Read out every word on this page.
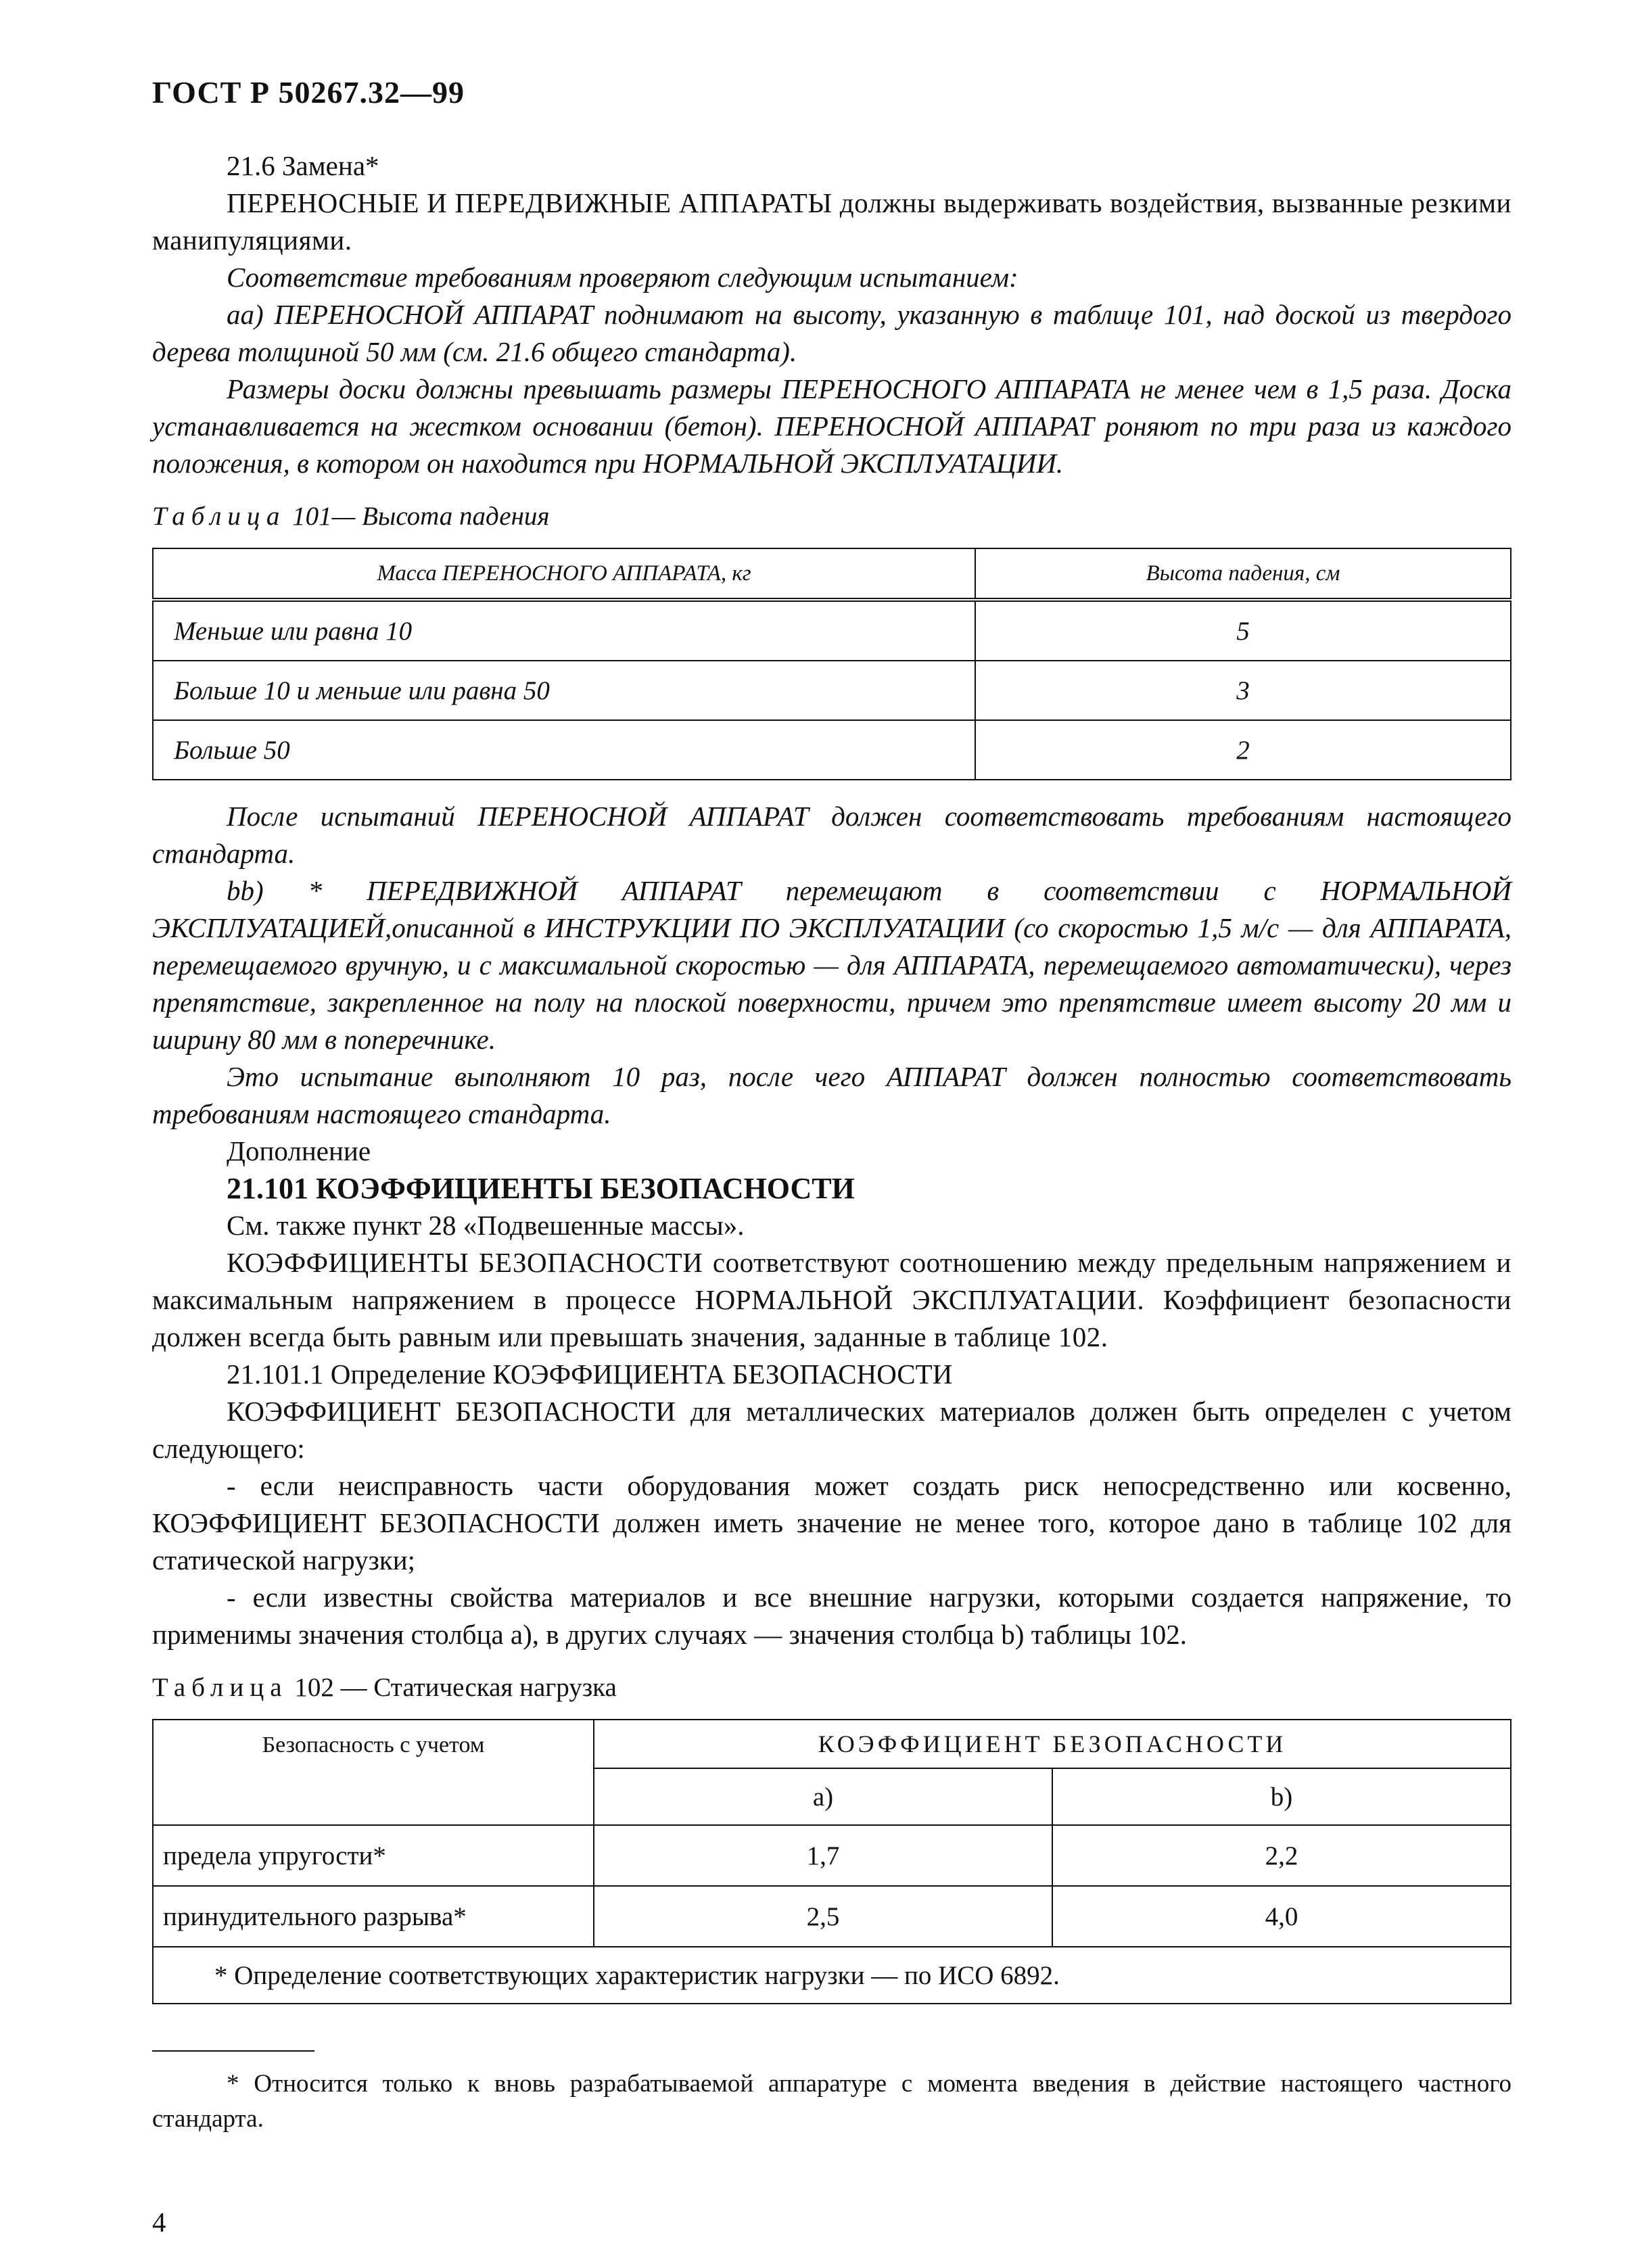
ГОСТ Р 50267.32—99

21.6 Замена*

ПЕРЕНОСНЫЕ И ПЕРЕДВИЖНЫЕ АППАРАТЫ должны выдерживать воздействия, вызванные резкими манипуляциями.

Соответствие требованиям проверяют следующим испытанием:

aa) ПЕРЕНОСНОЙ АППАРАТ поднимают на высоту, указанную в таблице 101, над доской из твердого дерева толщиной 50 мм (см. 21.6 общего стандарта).

Размеры доски должны превышать размеры ПЕРЕНОСНОГО АППАРАТА не менее чем в 1,5 раза. Доска устанавливается на жестком основании (бетон). ПЕРЕНОСНОЙ АППАРАТ роняют по три раза из каждого положения, в котором он находится при НОРМАЛЬНОЙ ЭКСПЛУАТАЦИИ.

Таблица 101— Высота падения
Масса ПЕРЕНОСНОГО АППАРАТА, кг	Высота падения, см
Меньше или равна 10	5
Больше 10 и меньше или равна 50	3
Больше 50	2

После испытаний ПЕРЕНОСНОЙ АППАРАТ должен соответствовать требованиям настоящего стандарта.

bb) * ПЕРЕДВИЖНОЙ АППАРАТ перемещают в соответствии с НОРМАЛЬНОЙ ЭКСПЛУАТАЦИЕЙ,описанной в ИНСТРУКЦИИ ПО ЭКСПЛУАТАЦИИ (со скоростью 1,5 м/с — для АППАРАТА, перемещаемого вручную, и с максимальной скоростью — для АППАРАТА, перемещаемого автоматически), через препятствие, закрепленное на полу на плоской поверхности, причем это препятствие имеет высоту 20 мм и ширину 80 мм в поперечнике.

Это испытание выполняют 10 раз, после чего АППАРАТ должен полностью соответствовать требованиям настоящего стандарта.

Дополнение

21.101 КОЭФФИЦИЕНТЫ БЕЗОПАСНОСТИ

См. также пункт 28 «Подвешенные массы».

КОЭФФИЦИЕНТЫ БЕЗОПАСНОСТИ соответствуют соотношению между предельным напряжением и максимальным напряжением в процессе НОРМАЛЬНОЙ ЭКСПЛУАТАЦИИ. Коэффициент безопасности должен всегда быть равным или превышать значения, заданные в таблице 102.

21.101.1 Определение КОЭФФИЦИЕНТА БЕЗОПАСНОСТИ

КОЭФФИЦИЕНТ БЕЗОПАСНОСТИ для металлических материалов должен быть определен с учетом следующего:

- если неисправность части оборудования может создать риск непосредственно или косвенно, КОЭФФИЦИЕНТ БЕЗОПАСНОСТИ должен иметь значение не менее того, которое дано в таблице 102 для статической нагрузки;

- если известны свойства материалов и все внешние нагрузки, которыми создается напряжение, то применимы значения столбца a), в других случаях — значения столбца b) таблицы 102.

Таблица 102 — Статическая нагрузка
Безопасность с учетом	КОЭФФИЦИЕНТ БЕЗОПАСНОСТИ	
	a)	b)
предела упругости*	1,7	2,2
принудительного разрыва*	2,5	4,0
* Определение соответствующих характеристик нагрузки — по ИСО 6892.		

* Относится только к вновь разрабатываемой аппаратуре с момента введения в действие настоящего частного стандарта.

4
